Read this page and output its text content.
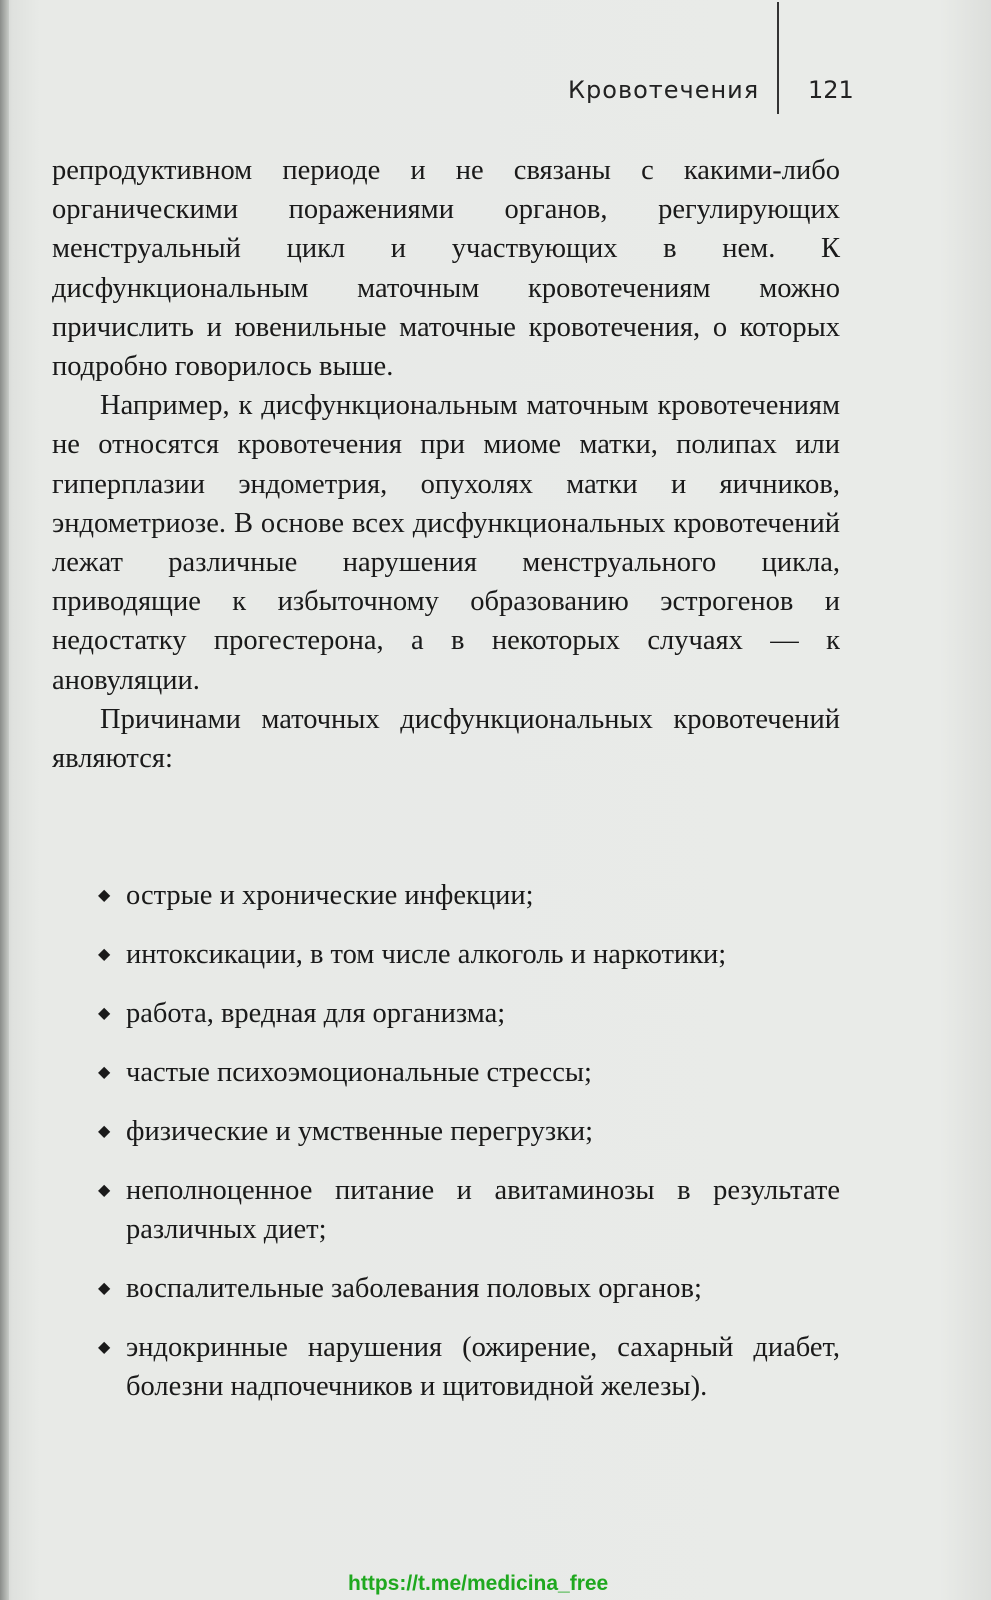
Кровотечения 121

репродуктивном периоде и не связаны с какими-либо органическими поражениями органов, регулирующих менструальный цикл и участвующих в нем. К дисфункциональным маточным кровотечениям можно причислить и ювенильные маточные кровотечения, о которых подробно говорилось выше.

Например, к дисфункциональным маточным кровотечениям не относятся кровотечения при миоме матки, полипах или гиперплазии эндометрия, опухолях матки и яичников, эндометриозе. В основе всех дисфункциональных кровотечений лежат различные нарушения менструального цикла, приводящие к избыточному образованию эстрогенов и недостатку прогестерона, а в некоторых случаях — к ановуляции.

Причинами маточных дисфункциональных кровотечений являются:

◆ острые и хронические инфекции;
◆ интоксикации, в том числе алкоголь и наркотики;
◆ работа, вредная для организма;
◆ частые психоэмоциональные стрессы;
◆ физические и умственные перегрузки;
◆ неполноценное питание и авитаминозы в результате различных диет;
◆ воспалительные заболевания половых органов;
◆ эндокринные нарушения (ожирение, сахарный диабет, болезни надпочечников и щитовидной железы).
https://t.me/medicina_free
